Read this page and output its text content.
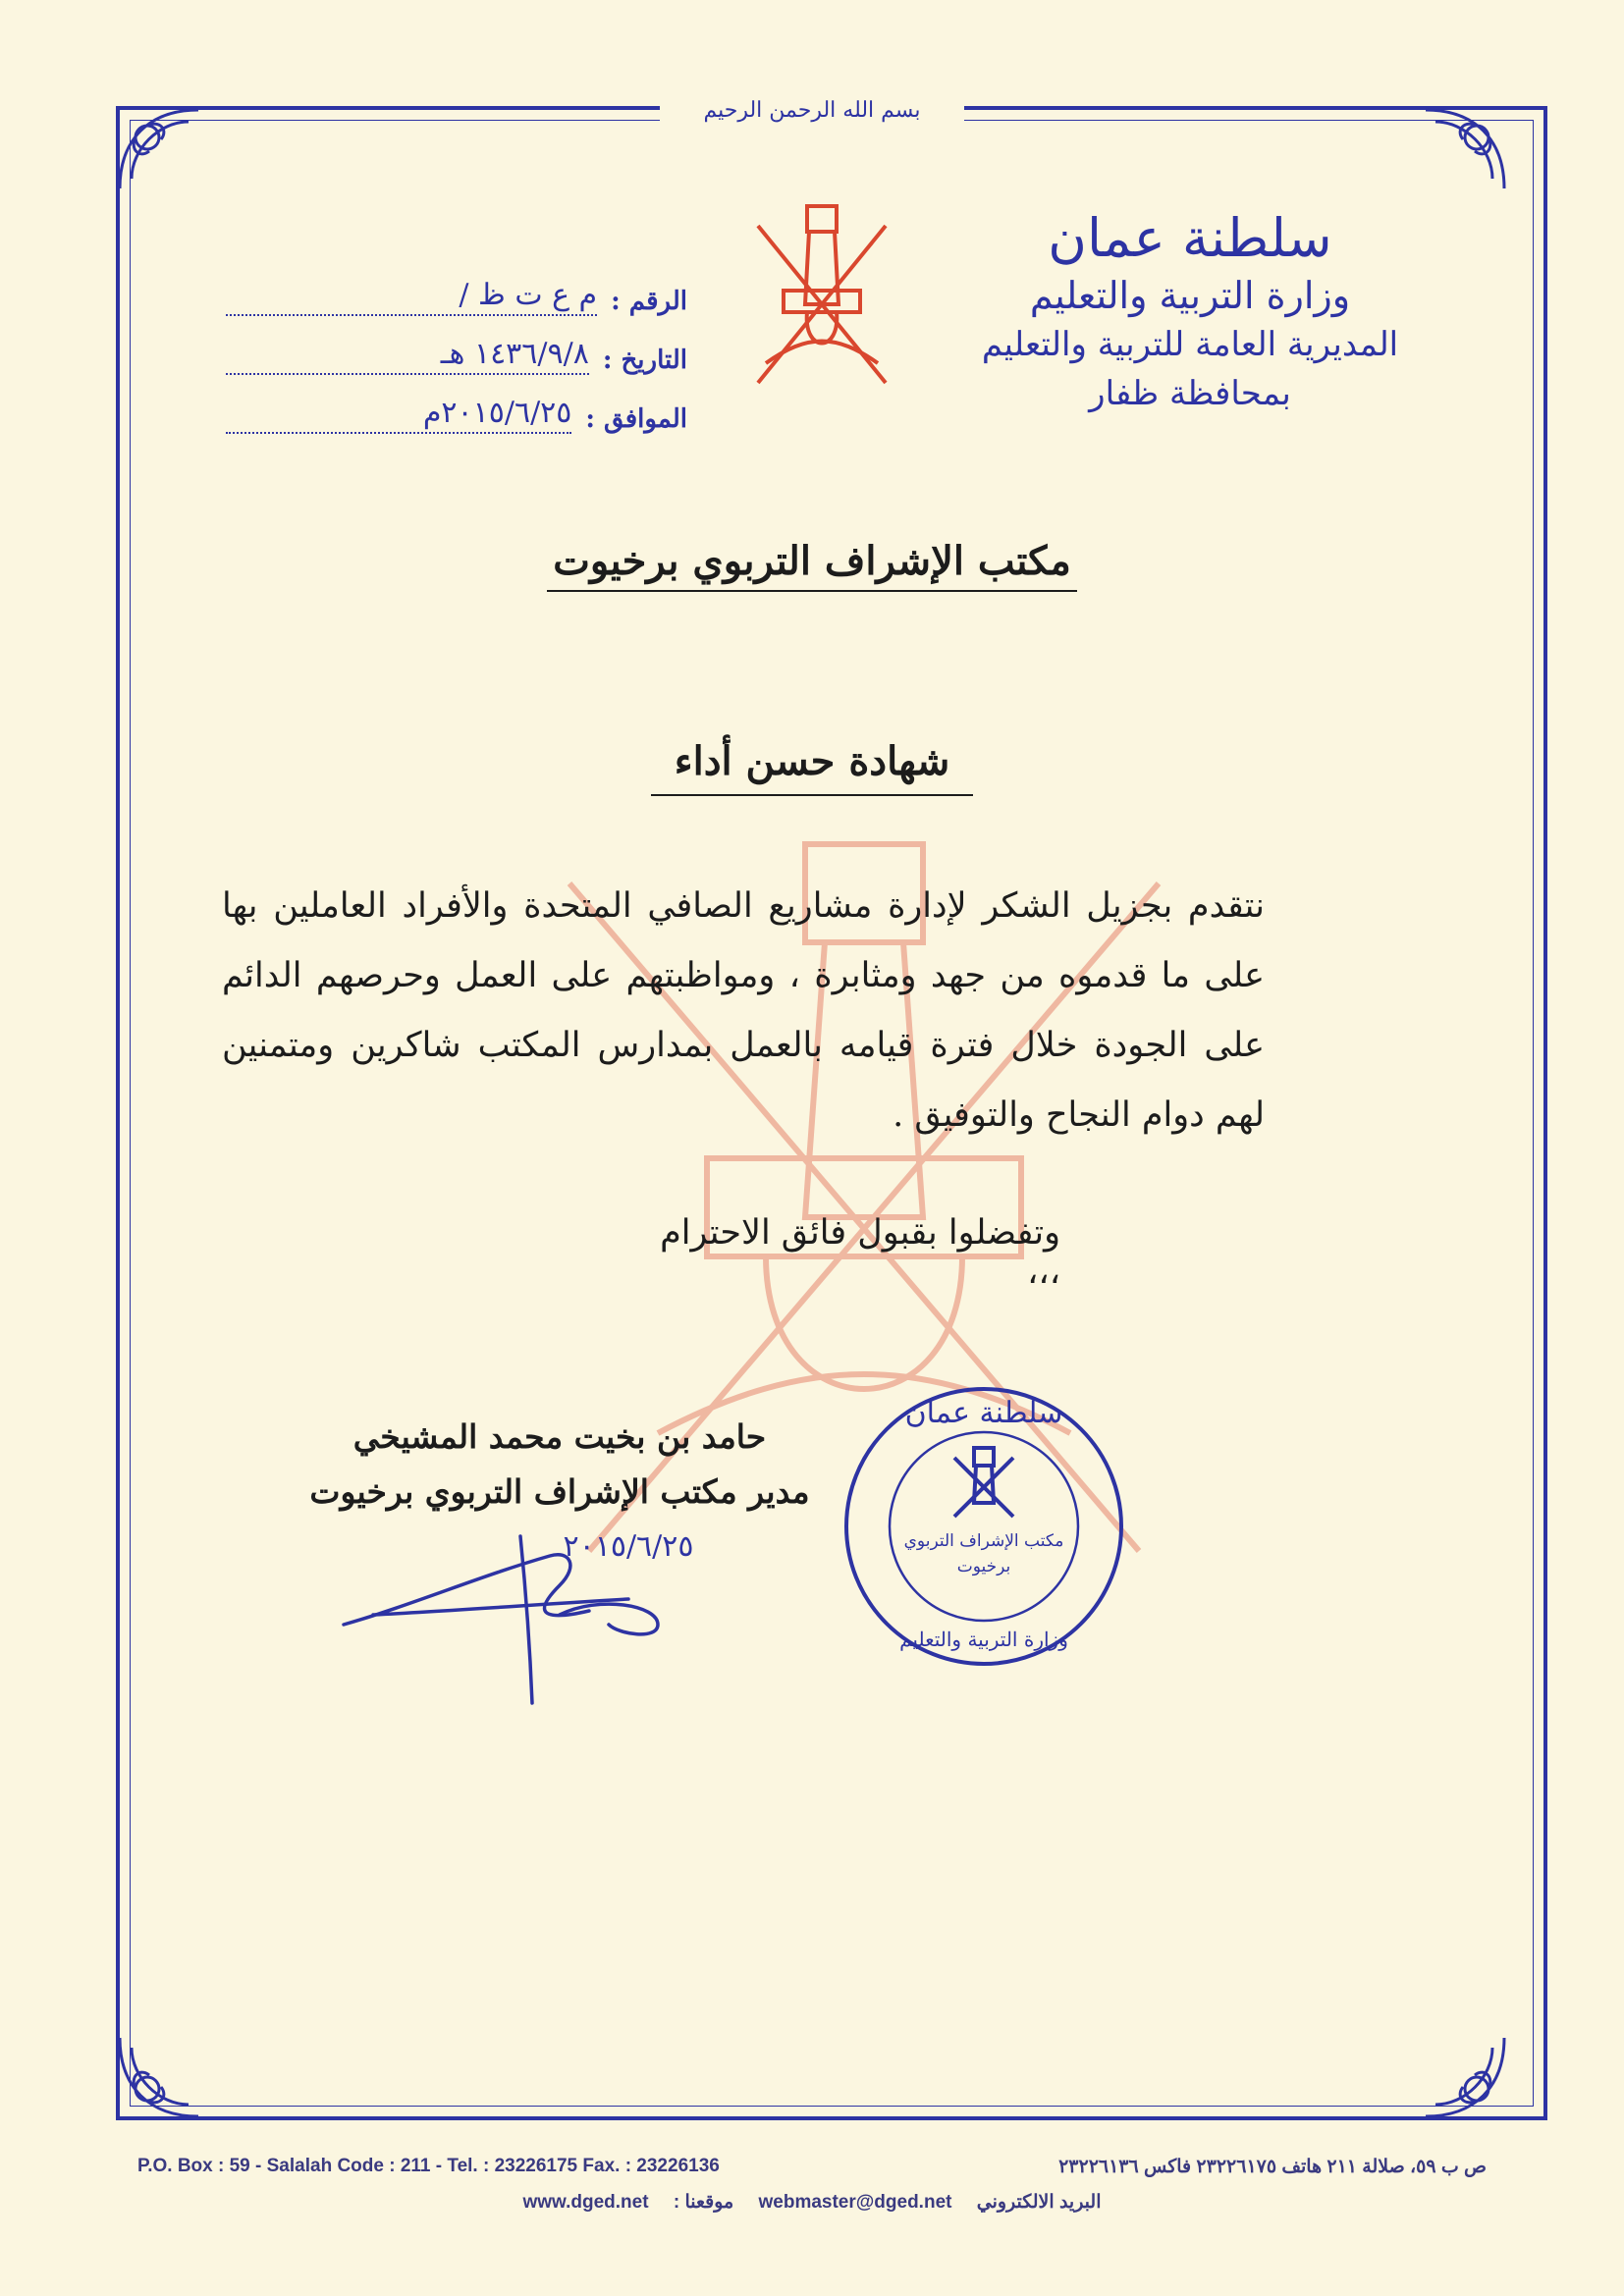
بسم الله الرحمن الرحيم
سلطنة عمان
وزارة التربية والتعليم
المديرية العامة للتربية والتعليم
بمحافظة ظفار
الرقم :
م ع ت ظ /
التاريخ :
١٤٣٦/٩/٨ هـ
الموافق :
٢٠١٥/٦/٢٥م
مكتب الإشراف التربوي برخيوت
شهادة حسن أداء
نتقدم بجزيل الشكر لإدارة مشاريع الصافي المتحدة والأفراد العاملين بها على ما قدموه من جهد ومثابرة ، ومواظبتهم على العمل وحرصهم الدائم على الجودة خلال فترة قيامه بالعمل بمدارس المكتب شاكرين ومتمنين لهم دوام النجاح والتوفيق .
وتفضلوا بقبول فائق الاحترام ،،،
حامد بن بخيت محمد المشيخي
مدير مكتب الإشراف التربوي برخيوت
سلطنة عمان
مكتب الإشراف التربوي
برخيوت
وزارة التربية والتعليم
٢٠١٥/٦/٢٥
P.O. Box : 59 - Salalah Code : 211 - Tel. : 23226175 Fax. : 23226136	ص ب ٥٩، صلالة ٢١١ هاتف ٢٣٢٢٦١٧٥ فاكس ٢٣٢٢٦١٣٦
www.dged.net : موقعنا webmaster@dged.net البريد الالكتروني
